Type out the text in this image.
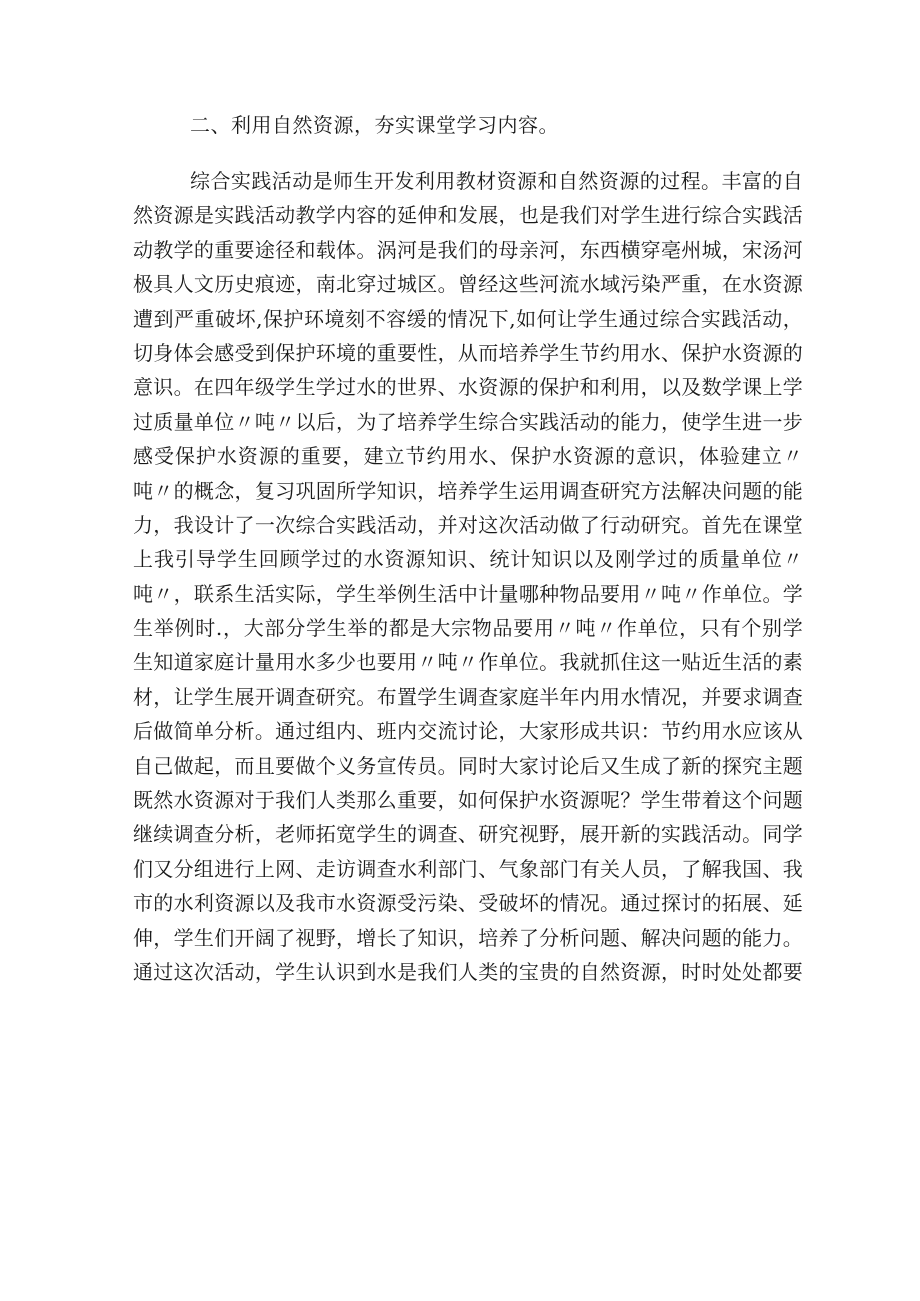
二、利用自然资源，夯实课堂学习内容。
综合实践活动是师生开发利用教材资源和自然资源的过程。丰富的自
然资源是实践活动教学内容的延伸和发展，也是我们对学生进行综合实践活
动教学的重要途径和载体。涡河是我们的母亲河，东西横穿亳州城，宋汤河
极具人文历史痕迹，南北穿过城区。曾经这些河流水域污染严重，在水资源
遭到严重破坏,保护环境刻不容缓的情况下,如何让学生通过综合实践活动，
切身体会感受到保护环境的重要性，从而培养学生节约用水、保护水资源的
意识。在四年级学生学过水的世界、水资源的保护和利用，以及数学课上学
过质量单位〃吨〃以后，为了培养学生综合实践活动的能力，使学生进一步
感受保护水资源的重要，建立节约用水、保护水资源的意识，体验建立〃
吨〃的概念，复习巩固所学知识，培养学生运用调查研究方法解决问题的能
力，我设计了一次综合实践活动，并对这次活动做了行动研究。首先在课堂
上我引导学生回顾学过的水资源知识、统计知识以及刚学过的质量单位〃
吨〃，联系生活实际，学生举例生活中计量哪种物品要用〃吨〃作单位。学
生举例时.，大部分学生举的都是大宗物品要用〃吨〃作单位，只有个别学
生知道家庭计量用水多少也要用〃吨〃作单位。我就抓住这一贴近生活的素
材，让学生展开调查研究。布置学生调查家庭半年内用水情况，并要求调查
后做简单分析。通过组内、班内交流讨论，大家形成共识：节约用水应该从
自己做起，而且要做个义务宣传员。同时大家讨论后又生成了新的探究主题
既然水资源对于我们人类那么重要，如何保护水资源呢？学生带着这个问题
继续调查分析，老师拓宽学生的调查、研究视野，展开新的实践活动。同学
们又分组进行上网、走访调查水利部门、气象部门有关人员，了解我国、我
市的水利资源以及我市水资源受污染、受破坏的情况。通过探讨的拓展、延
伸，学生们开阔了视野，增长了知识，培养了分析问题、解决问题的能力。
通过这次活动，学生认识到水是我们人类的宝贵的自然资源，时时处处都要
